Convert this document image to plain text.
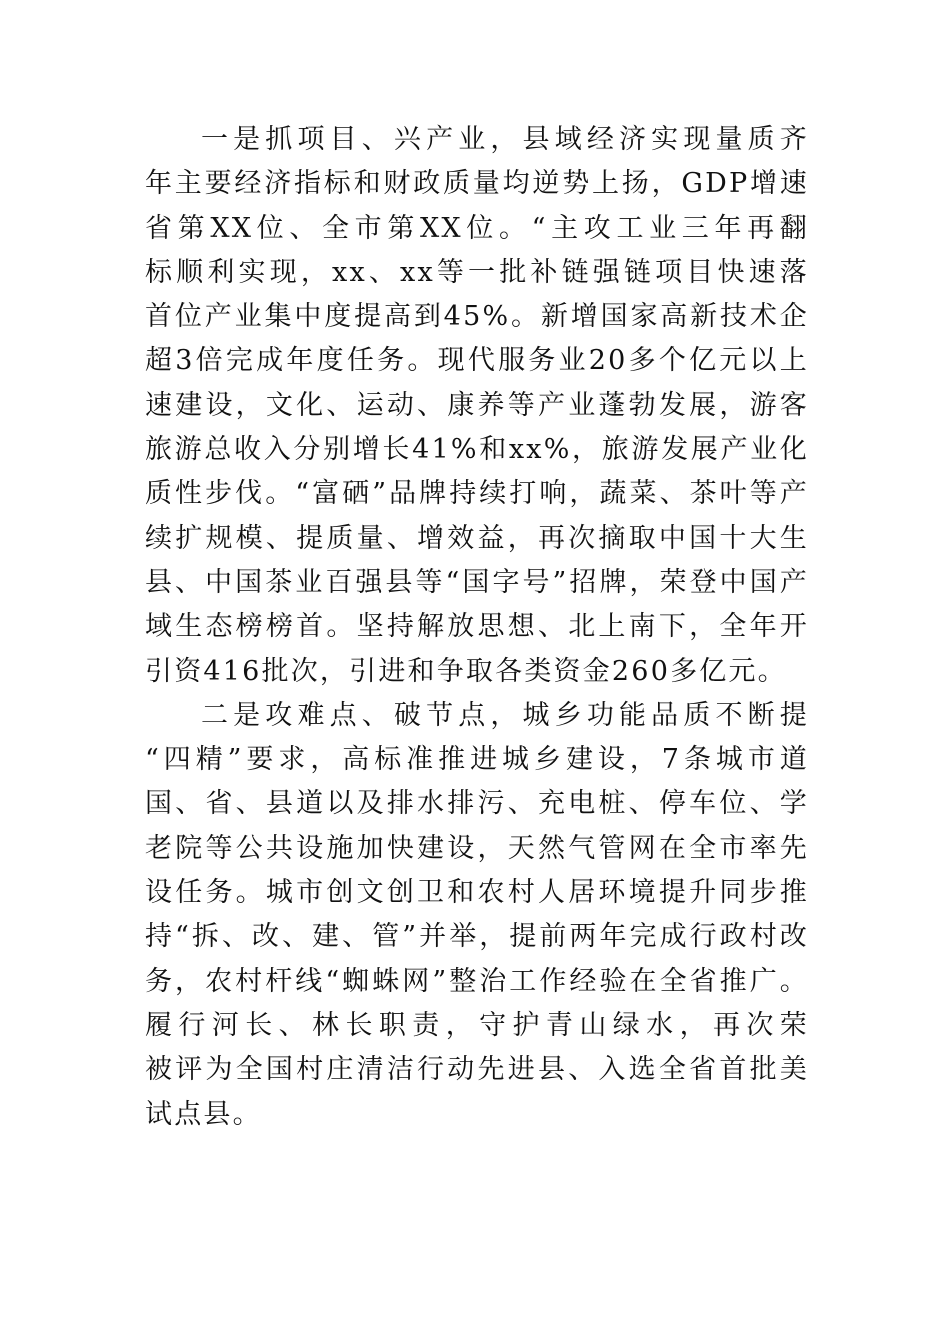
一是抓项目、兴产业，县域经济实现量质齐
年主要经济指标和财政质量均逆势上扬，GDP增速
省第XX位、全市第XX位。“主攻工业三年再翻
标顺利实现，xx、xx等一批补链强链项目快速落
首位产业集中度提高到45%。新增国家高新技术企
超3倍完成年度任务。现代服务业20多个亿元以上
速建设，文化、运动、康养等产业蓬勃发展，游客
旅游总收入分别增长41%和xx%，旅游发展产业化
质性步伐。“富硒”品牌持续打响，蔬菜、茶叶等产
续扩规模、提质量、增效益，再次摘取中国十大生
县、中国茶业百强县等“国字号”招牌，荣登中国产
域生态榜榜首。坚持解放思想、北上南下，全年开
引资416批次，引进和争取各类资金260多亿元。
二是攻难点、破节点，城乡功能品质不断提
“四精”要求，高标准推进城乡建设，7条城市道
国、省、县道以及排水排污、充电桩、停车位、学
老院等公共设施加快建设，天然气管网在全市率先
设任务。城市创文创卫和农村人居环境提升同步推
持“拆、改、建、管”并举，提前两年完成行政村改
务，农村杆线“蜘蛛网”整治工作经验在全省推广。
履行河长、林长职责，守护青山绿水，再次荣
被评为全国村庄清洁行动先进县、入选全省首批美
试点县。
